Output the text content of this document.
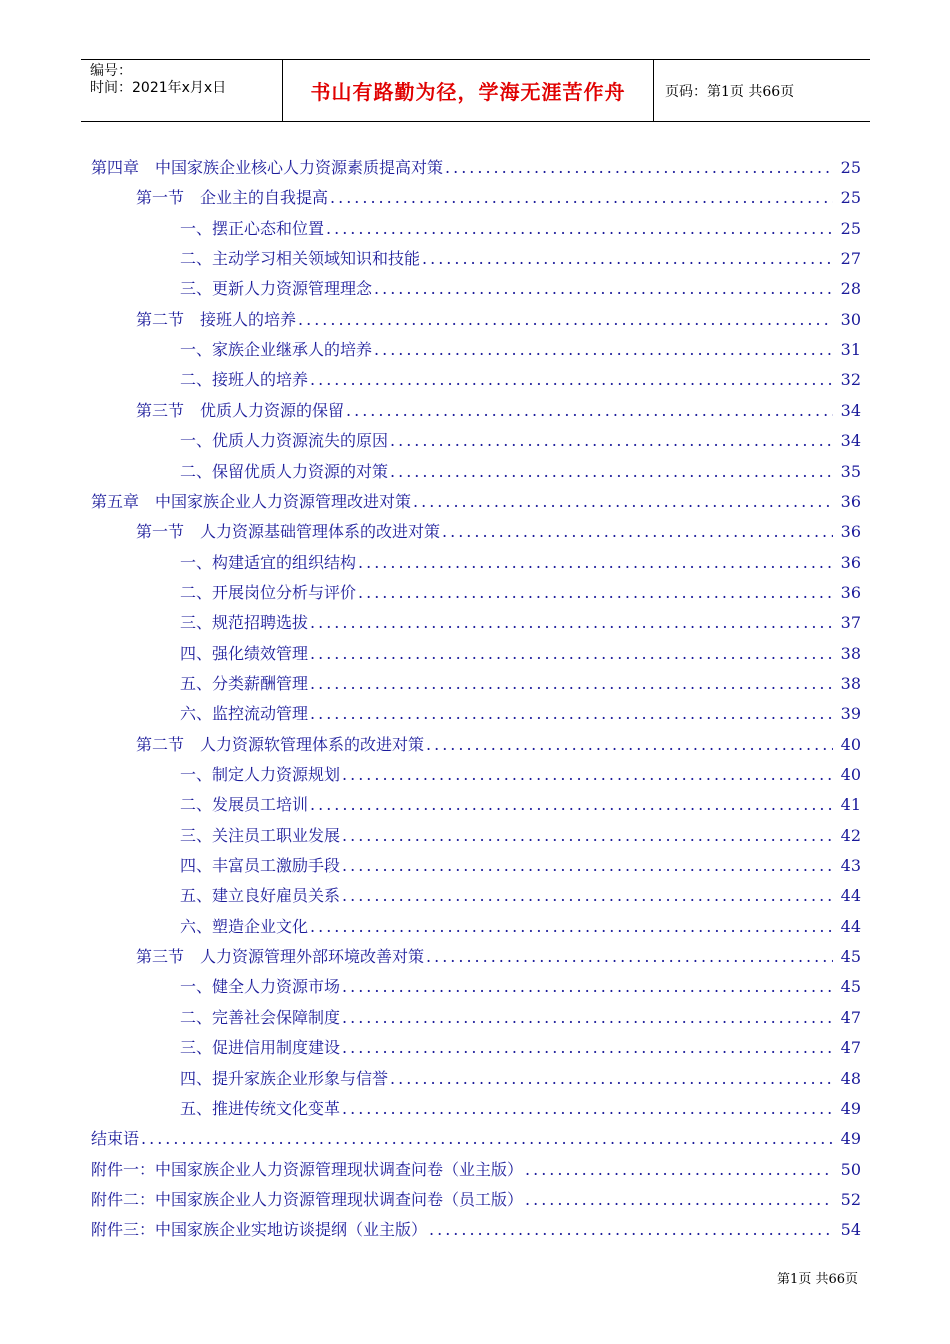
编号：
时间：2021年x月x日	书山有路勤为径，学海无涯苦作舟	页码：第1页 共66页
第四章　中国家族企业核心人力资源素质提高对策 .....	25
第一节　企业主的自我提高 .....	25
一、摆正心态和位置 .....	25
二、主动学习相关领域知识和技能 .....	27
三、更新人力资源管理理念 .....	28
第二节　接班人的培养 .....	30
一、家族企业继承人的培养 .....	31
二、接班人的培养 .....	32
第三节　优质人力资源的保留 .....	34
一、优质人力资源流失的原因 .....	34
二、保留优质人力资源的对策 .....	35
第五章　中国家族企业人力资源管理改进对策 .....	36
第一节　人力资源基础管理体系的改进对策 .....	36
一、构建适宜的组织结构 .....	36
二、开展岗位分析与评价 .....	36
三、规范招聘选拔 .....	37
四、强化绩效管理 .....	38
五、分类薪酬管理 .....	38
六、监控流动管理 .....	39
第二节　人力资源软管理体系的改进对策 .....	40
一、制定人力资源规划 .....	40
二、发展员工培训 .....	41
三、关注员工职业发展 .....	42
四、丰富员工激励手段 .....	43
五、建立良好雇员关系 .....	44
六、塑造企业文化 .....	44
第三节　人力资源管理外部环境改善对策 .....	45
一、健全人力资源市场 .....	45
二、完善社会保障制度 .....	47
三、促进信用制度建设 .....	47
四、提升家族企业形象与信誉 .....	48
五、推进传统文化变革 .....	49
结束语 .....	49
附件一：中国家族企业人力资源管理现状调查问卷（业主版） .....	50
附件二：中国家族企业人力资源管理现状调查问卷（员工版） .....	52
附件三：中国家族企业实地访谈提纲（业主版） .....	54
第1页 共66页
